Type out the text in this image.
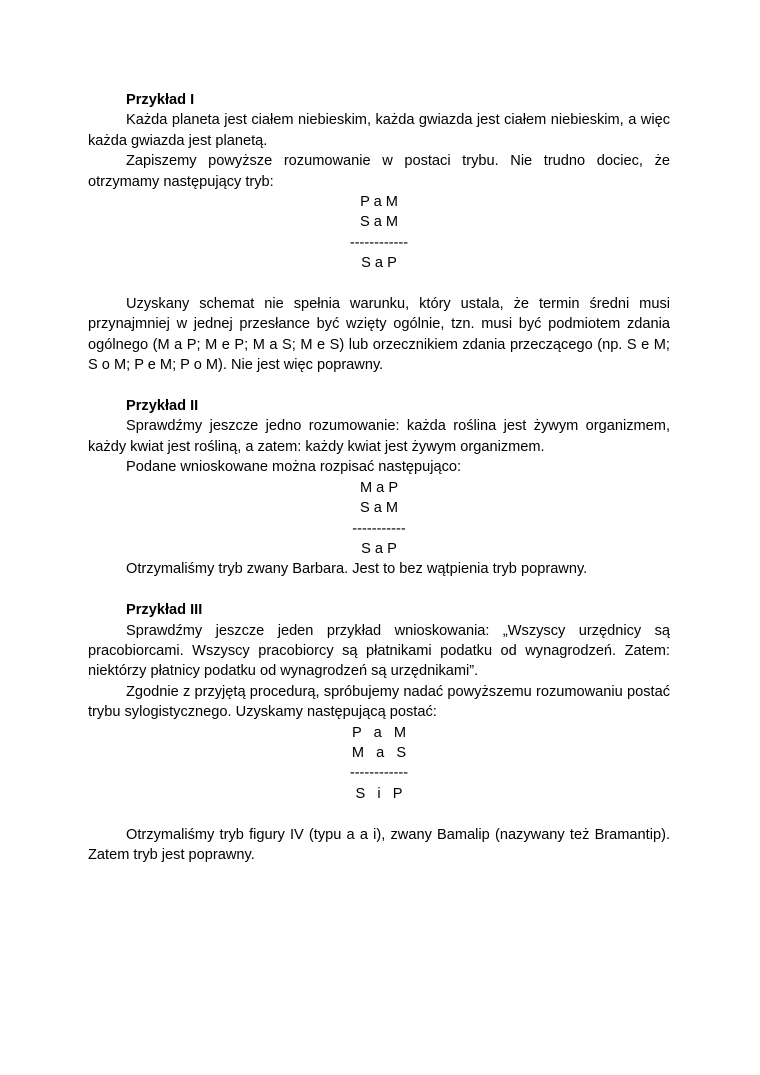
Przykład I

Każda planeta jest ciałem niebieskim, każda gwiazda jest ciałem niebieskim, a więc każda gwiazda jest planetą.

Zapiszemy powyższe rozumowanie w postaci trybu. Nie trudno dociec, że otrzymamy następujący tryb:

P a M

S a M

------------

S a P

Uzyskany schemat nie spełnia warunku, który ustala, że termin średni musi przynajmniej w jednej przesłance być wzięty ogólnie, tzn. musi być podmiotem zdania ogólnego (M a P; M e P; M a S; M e S) lub orzecznikiem zdania przeczącego (np. S e M; S o M; P e M; P o M). Nie jest więc poprawny.

Przykład II

Sprawdźmy jeszcze jedno rozumowanie: każda roślina jest żywym organizmem, każdy kwiat jest rośliną, a zatem: każdy kwiat jest żywym organizmem.

Podane wnioskowane można rozpisać następująco:

M a P

S a M

-----------

S a P

Otrzymaliśmy tryb zwany Barbara. Jest to bez wątpienia tryb poprawny.

Przykład III

Sprawdźmy jeszcze jeden przykład wnioskowania: „Wszyscy urzędnicy są pracobiorcami. Wszyscy pracobiorcy są płatnikami podatku od wynagrodzeń. Zatem: niektórzy płatnicy podatku od wynagrodzeń są urzędnikami”.

Zgodnie z przyjętą procedurą, spróbujemy nadać powyższemu rozumowaniu postać trybu sylogistycznego. Uzyskamy następującą postać:

P   a   M

M   a   S

------------

S   i   P

Otrzymaliśmy tryb figury IV (typu a a i), zwany Bamalip (nazywany też Bramantip). Zatem tryb jest poprawny.
